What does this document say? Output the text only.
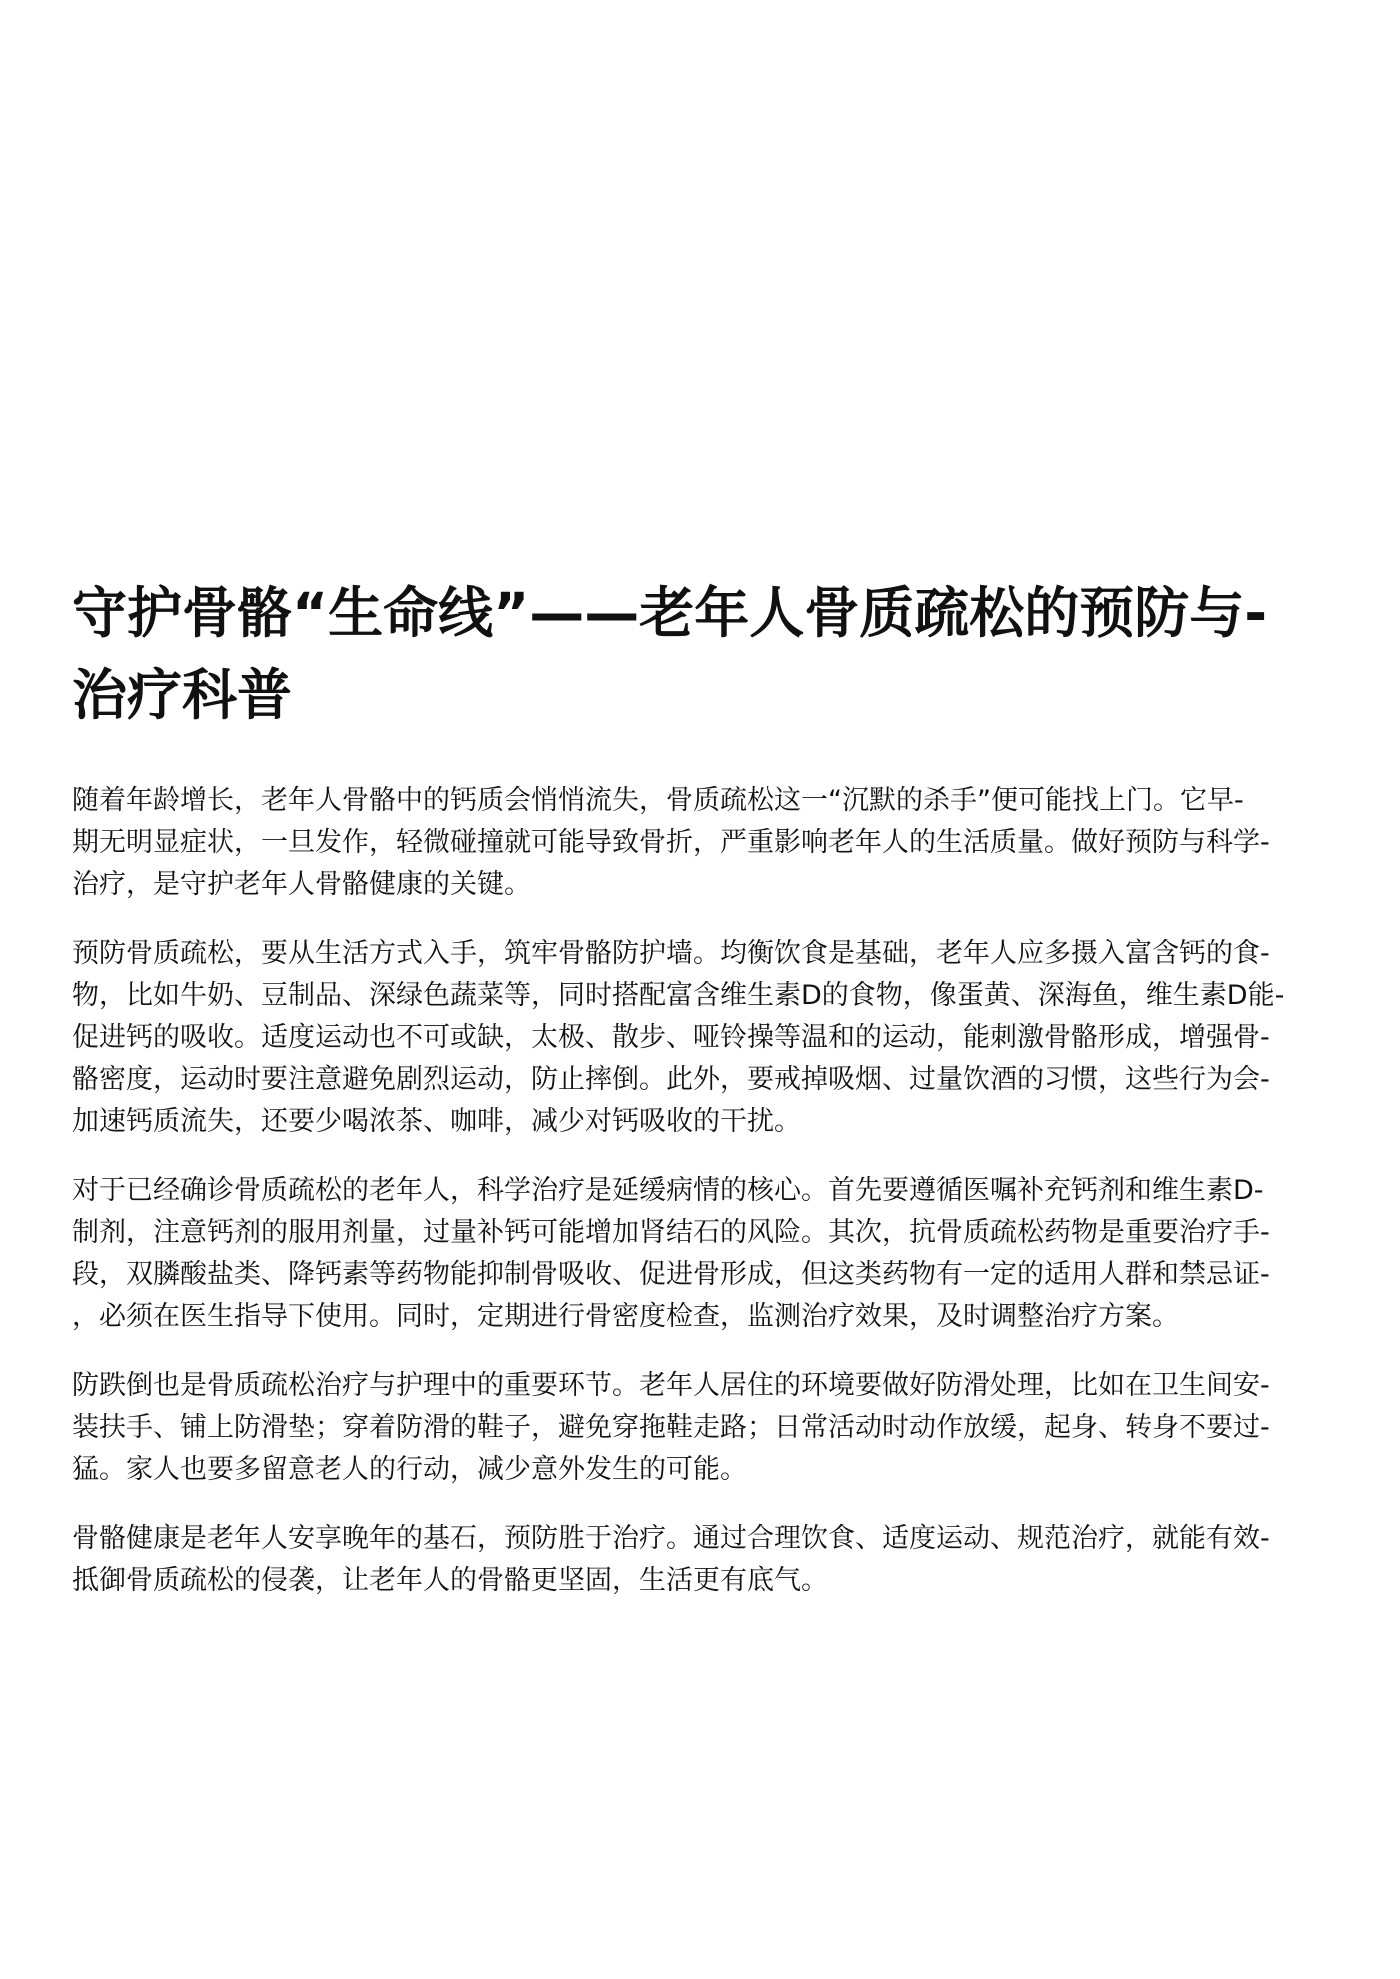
守护骨骼“生命线”——老年人骨质疏松的预防与-
治疗科普

随着年龄增长，老年人骨骼中的钙质会悄悄流失，骨质疏松这一“沉默的杀手”便可能找上门。它早-
期无明显症状，一旦发作，轻微碰撞就可能导致骨折，严重影响老年人的生活质量。做好预防与科学-
治疗，是守护老年人骨骼健康的关键。

预防骨质疏松，要从生活方式入手，筑牢骨骼防护墙。均衡饮食是基础，老年人应多摄入富含钙的食-
物，比如牛奶、豆制品、深绿色蔬菜等，同时搭配富含维生素D的食物，像蛋黄、深海鱼，维生素D能-
促进钙的吸收。适度运动也不可或缺，太极、散步、哑铃操等温和的运动，能刺激骨骼形成，增强骨-
骼密度，运动时要注意避免剧烈运动，防止摔倒。此外，要戒掉吸烟、过量饮酒的习惯，这些行为会-
加速钙质流失，还要少喝浓茶、咖啡，减少对钙吸收的干扰。

对于已经确诊骨质疏松的老年人，科学治疗是延缓病情的核心。首先要遵循医嘱补充钙剂和维生素D-
制剂，注意钙剂的服用剂量，过量补钙可能增加肾结石的风险。其次，抗骨质疏松药物是重要治疗手-
段，双膦酸盐类、降钙素等药物能抑制骨吸收、促进骨形成，但这类药物有一定的适用人群和禁忌证-
，必须在医生指导下使用。同时，定期进行骨密度检查，监测治疗效果，及时调整治疗方案。

防跌倒也是骨质疏松治疗与护理中的重要环节。老年人居住的环境要做好防滑处理，比如在卫生间安-
装扶手、铺上防滑垫；穿着防滑的鞋子，避免穿拖鞋走路；日常活动时动作放缓，起身、转身不要过-
猛。家人也要多留意老人的行动，减少意外发生的可能。

骨骼健康是老年人安享晚年的基石，预防胜于治疗。通过合理饮食、适度运动、规范治疗，就能有效-
抵御骨质疏松的侵袭，让老年人的骨骼更坚固，生活更有底气。
